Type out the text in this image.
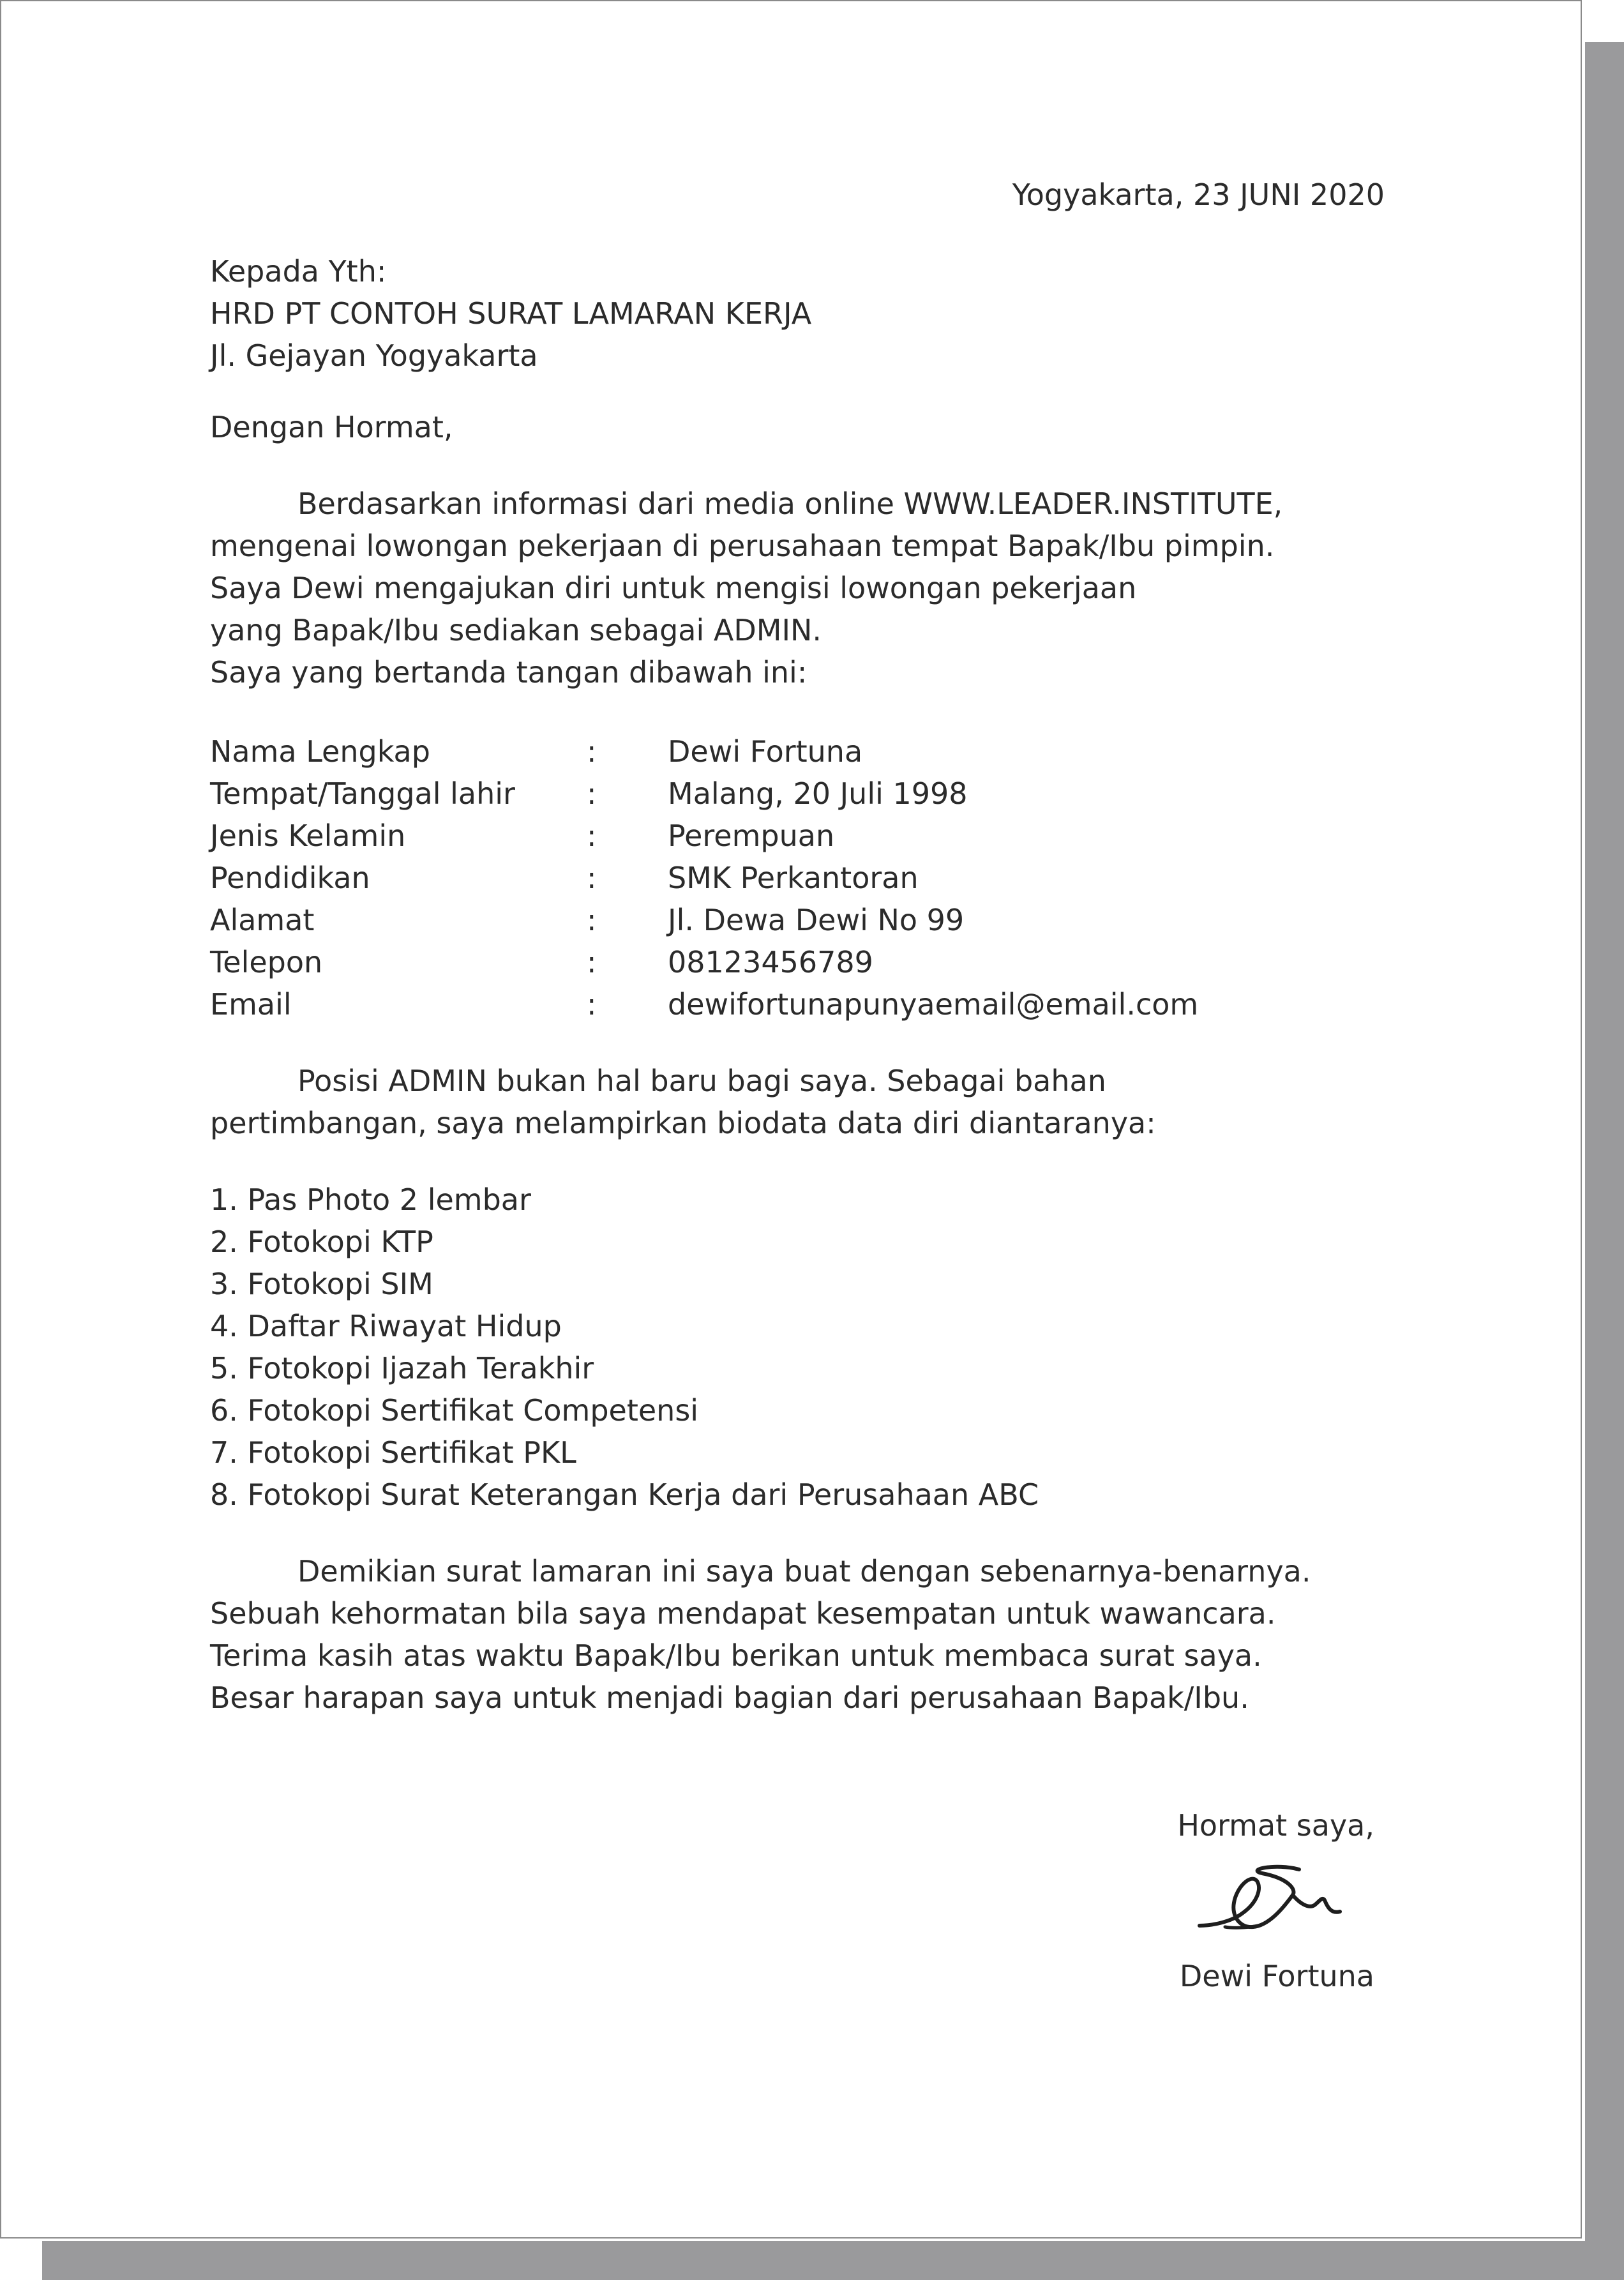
Yogyakarta, 23 JUNI 2020
Kepada Yth:
HRD PT CONTOH SURAT LAMARAN KERJA
Jl. Gejayan Yogyakarta
Dengan Hormat,
Berdasarkan informasi dari media online WWW.LEADER.INSTITUTE,
mengenai lowongan pekerjaan di perusahaan tempat Bapak/Ibu pimpin.
Saya Dewi mengajukan diri untuk mengisi lowongan pekerjaan
yang Bapak/Ibu sediakan sebagai ADMIN.
Saya yang bertanda tangan dibawah ini:
Nama Lengkap	:	Dewi Fortuna
Tempat/Tanggal lahir	:	Malang, 20 Juli 1998
Jenis Kelamin	:	Perempuan
Pendidikan	:	SMK Perkantoran
Alamat	:	Jl. Dewa Dewi No 99
Telepon	:	08123456789
Email	:	dewifortunapunyaemail@email.com
Posisi ADMIN bukan hal baru bagi saya. Sebagai bahan
pertimbangan, saya melampirkan biodata data diri diantaranya:
1. Pas Photo 2 lembar
2. Fotokopi KTP
3. Fotokopi SIM
4. Daftar Riwayat Hidup
5. Fotokopi Ijazah Terakhir
6. Fotokopi Sertifikat Competensi
7. Fotokopi Sertifikat PKL
8. Fotokopi Surat Keterangan Kerja dari Perusahaan ABC
Demikian surat lamaran ini saya buat dengan sebenarnya-benarnya.
Sebuah kehormatan bila saya mendapat kesempatan untuk wawancara.
Terima kasih atas waktu Bapak/Ibu berikan untuk membaca surat saya.
Besar harapan saya untuk menjadi bagian dari perusahaan Bapak/Ibu.
Hormat saya,
Dewi Fortuna
